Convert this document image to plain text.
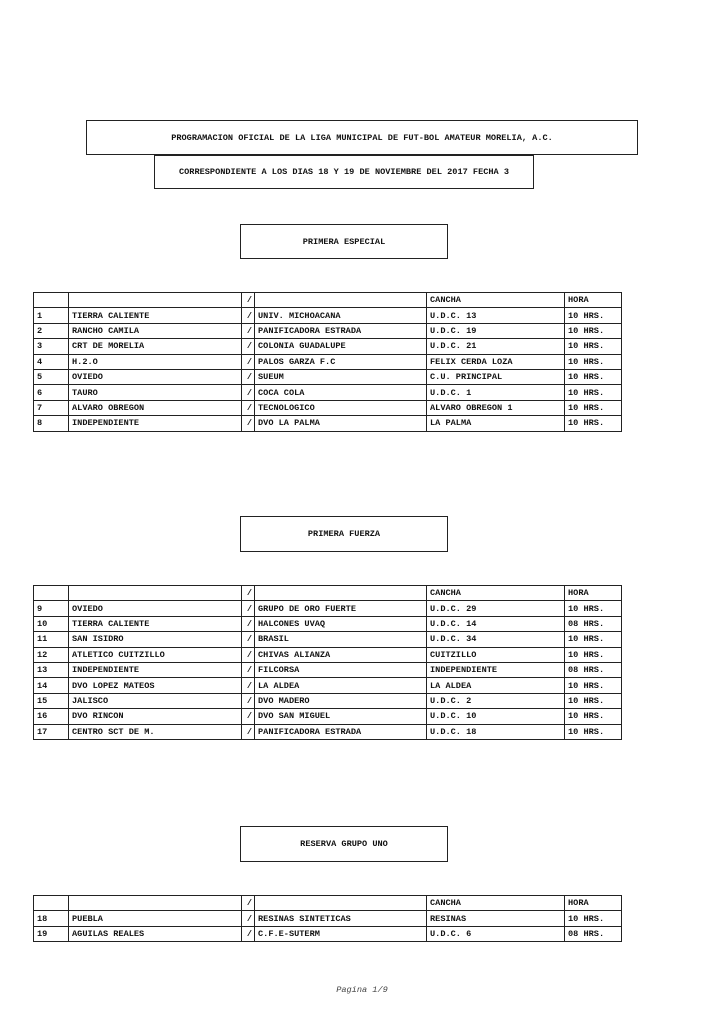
PROGRAMACION OFICIAL DE LA LIGA MUNICIPAL DE FUT-BOL AMATEUR MORELIA, A.C.
CORRESPONDIENTE A LOS DIAS 18 Y 19 DE NOVIEMBRE DEL 2017 FECHA 3
PRIMERA ESPECIAL
		/		CANCHA	HORA
1	TIERRA CALIENTE	/	UNIV. MICHOACANA	U.D.C. 13	10 HRS.
2	RANCHO CAMILA	/	PANIFICADORA ESTRADA	U.D.C. 19	10 HRS.
3	CRT DE MORELIA	/	COLONIA GUADALUPE	U.D.C. 21	10 HRS.
4	H.2.O	/	PALOS GARZA F.C	FELIX CERDA LOZA	10 HRS.
5	OVIEDO	/	SUEUM	C.U. PRINCIPAL	10 HRS.
6	TAURO	/	COCA COLA	U.D.C. 1	10 HRS.
7	ALVARO OBREGON	/	TECNOLOGICO	ALVARO OBREGON 1	10 HRS.
8	INDEPENDIENTE	/	DVO LA PALMA	LA PALMA	10 HRS.
PRIMERA FUERZA
		/		CANCHA	HORA
9	OVIEDO	/	GRUPO DE ORO FUERTE	U.D.C. 29	10 HRS.
10	TIERRA CALIENTE	/	HALCONES UVAQ	U.D.C. 14	08 HRS.
11	SAN ISIDRO	/	BRASIL	U.D.C. 34	10 HRS.
12	ATLETICO CUITZILLO	/	CHIVAS ALIANZA	CUITZILLO	10 HRS.
13	INDEPENDIENTE	/	FILCORSA	INDEPENDIENTE	08 HRS.
14	DVO LOPEZ MATEOS	/	LA ALDEA	LA ALDEA	10 HRS.
15	JALISCO	/	DVO MADERO	U.D.C. 2	10 HRS.
16	DVO RINCON	/	DVO SAN MIGUEL	U.D.C. 10	10 HRS.
17	CENTRO SCT DE M.	/	PANIFICADORA ESTRADA	U.D.C. 18	10 HRS.
RESERVA GRUPO UNO
		/		CANCHA	HORA
18	PUEBLA	/	RESINAS SINTETICAS	RESINAS	10 HRS.
19	AGUILAS REALES	/	C.F.E-SUTERM	U.D.C. 6	08 HRS.
Pagina 1/9
